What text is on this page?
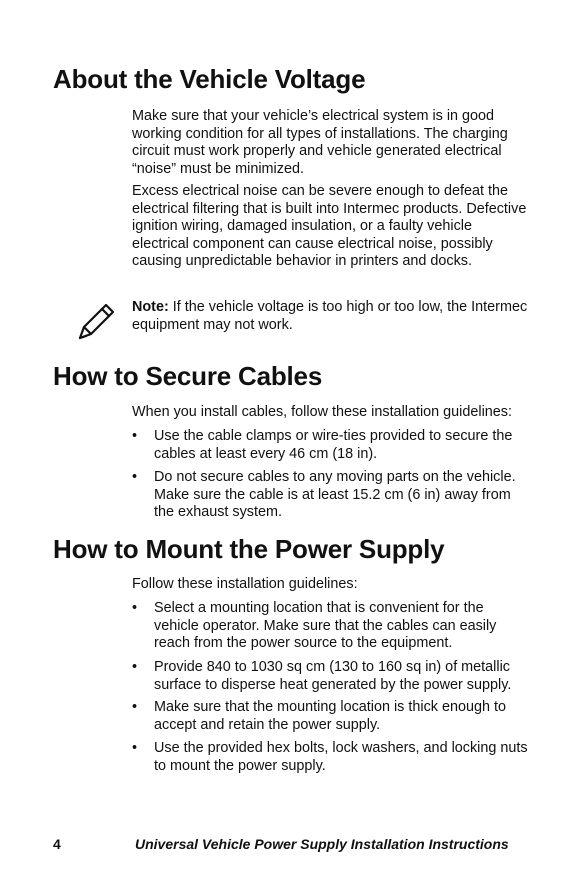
About the Vehicle Voltage

Make sure that your vehicle’s electrical system is in good working condition for all types of installations. The charging circuit must work properly and vehicle generated electrical “noise” must be minimized.

Excess electrical noise can be severe enough to defeat the electrical filtering that is built into Intermec products. Defective ignition wiring, damaged insulation, or a faulty vehicle electrical component can cause electrical noise, possibly causing unpredictable behavior in printers and docks.

Note: If the vehicle voltage is too high or too low, the Intermec equipment may not work.

How to Secure Cables

When you install cables, follow these installation guidelines:

• Use the cable clamps or wire-ties provided to secure the cables at least every 46 cm (18 in).
• Do not secure cables to any moving parts on the vehicle. Make sure the cable is at least 15.2 cm (6 in) away from the exhaust system.
How to Mount the Power Supply

Follow these installation guidelines:

• Select a mounting location that is convenient for the vehicle operator. Make sure that the cables can easily reach from the power source to the equipment.
• Provide 840 to 1030 sq cm (130 to 160 sq in) of metallic surface to disperse heat generated by the power supply.
• Make sure that the mounting location is thick enough to accept and retain the power supply.
• Use the provided hex bolts, lock washers, and locking nuts to mount the power supply.
4	Universal Vehicle Power Supply Installation Instructions
